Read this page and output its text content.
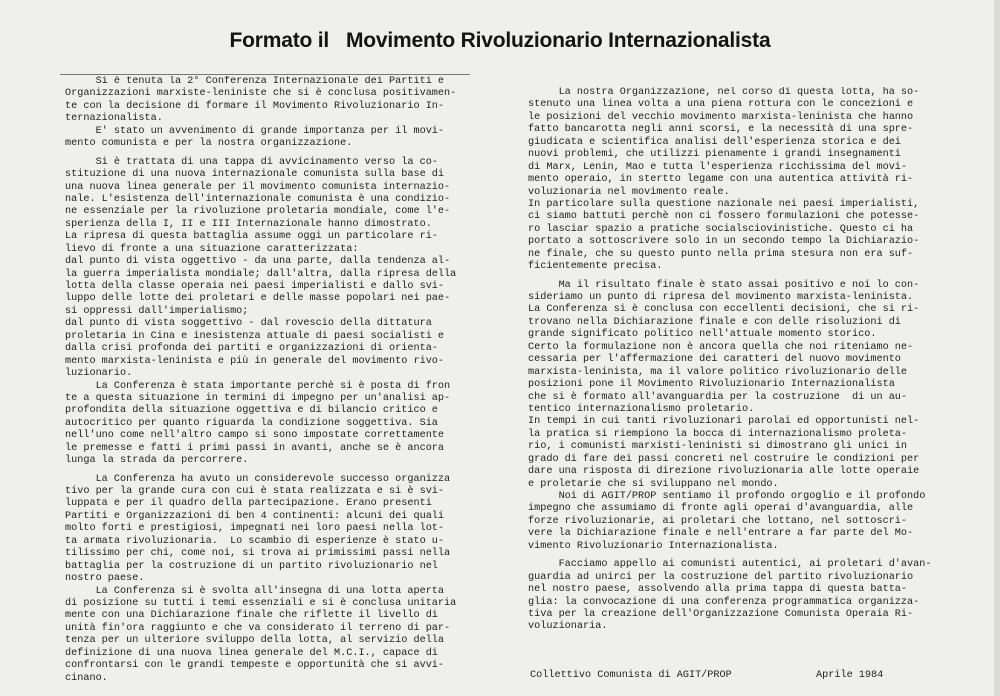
Formato il   Movimento Rivoluzionario Internazionalista
Si è tenuta la 2° Conferenza Internazionale dei Partiti e
Organizzazioni marxiste-leniniste che si è conclusa positivamen-
te con la decisione di formare il Movimento Rivoluzionario In-
ternazionalista.
E' stato un avvenimento di grande importanza per il movi-
mento comunista e per la nostra organizzazione.
Si è trattata di una tappa di avvicinamento verso la co-
stituzione di una nuova internazionale comunista sulla base di
una nuova linea generale per il movimento comunista internazio-
nale. L'esistenza dell'internazionale comunista è una condizio-
ne essenziale per la rivoluzione proletaria mondiale, come l'e-
sperienza della I, II e III Internazionale hanno dimostrato.
La ripresa di questa battaglia assume oggi un particolare ri-
lievo di fronte a una situazione caratterizzata:
dal punto di vista oggettivo - da una parte, dalla tendenza al-
la guerra imperialista mondiale; dall'altra, dalla ripresa della
lotta della classe operaia nei paesi imperialisti e dallo svi-
luppo delle lotte dei proletari e delle masse popolari nei pae-
si oppressi dall'imperialismo;
dal punto di vista soggettivo - dal rovescio della dittatura
proletaria in Cina e inesistenza attuale di paesi socialisti e
dalla crisi profonda dei partiti e organizzazioni di orienta-
mento marxista-leninista e più in generale del movimento rivo-
luzionario.
La Conferenza è stata importante perchè si è posta di fron
te a questa situazione in termini di impegno per un'analisi ap-
profondita della situazione oggettiva e di bilancio critico e
autocritico per quanto riguarda la condizione soggettiva. Sia
nell'uno come nell'altro campo si sono impostate correttamente
le premesse e fatti i primi passi in avanti, anche se è ancora
lunga la strada da percorrere.
La Conferenza ha avuto un considerevole successo organizza
tivo per la grande cura con cui è stata realizzata e si è svi-
luppata e per il quadro della partecipazione. Erano presenti
Partiti e Organizzazioni di ben 4 continenti: alcuni dei quali
molto forti e prestigiosi, impegnati nei loro paesi nella lot-
ta armata rivoluzionaria.  Lo scambio di esperienze è stato u-
tilissimo per chi, come noi, si trova ai primissimi passi nella
battaglia per la costruzione di un partito rivoluzionario nel
nostro paese.
La Conferenza si è svolta all'insegna di una lotta aperta
di posizione su tutti i temi essenziali e si è conclusa unitaria
mente con una Dichiarazione finale che riflette il livello di
unità fin'ora raggiunto e che va considerato il terreno di par-
tenza per un ulteriore sviluppo della lotta, al servizio della
definizione di una nuova linea generale del M.C.I., capace di
confrontarsi con le grandi tempeste e opportunità che si avvi-
cinano.
La nostra Organizzazione, nel corso di questa lotta, ha so-
stenuto una linea volta a una piena rottura con le concezioni e
le posizioni del vecchio movimento marxista-leninista che hanno
fatto bancarotta negli anni scorsi, e la necessità di una spre-
giudicata e scientifica analisi dell'esperienza storica e dei
nuovi problemi, che utilizzi pienamente i grandi insegnamenti
di Marx, Lenin, Mao e tutta l'esperienza ricchissima del movi-
mento operaio, in stertto legame con una autentica attività ri-
voluzionaria nel movimento reale.
In particolare sulla questione nazionale nei paesi imperialisti,
ci siamo battuti perchè non ci fossero formulazioni che potesse-
ro lasciar spazio a pratiche socialsciovinistiche. Questo ci ha
portato a sottoscrivere solo in un secondo tempo la Dichiarazio-
ne finale, che su questo punto nella prima stesura non era suf-
ficientemente precisa.
Ma il risultato finale è stato assai positivo e noi lo con-
sideriamo un punto di ripresa del movimento marxista-leninista.
La Conferenza si è conclusa con eccellenti decisioni, che si ri-
trovano nella Dichiarazione finale e con delle risoluzioni di
grande significato politico nell'attuale momento storico.
Certo la formulazione non è ancora quella che noi riteniamo ne-
cessaria per l'affermazione dei caratteri del nuovo movimento
marxista-leninista, ma il valore politico rivoluzionario delle
posizioni pone il Movimento Rivoluzionario Internazionalista
che si è formato all'avanguardia per la costruzione  di un au-
tentico internazionalismo proletario.
In tempi in cui tanti rivoluzionari parolai ed opportunisti nel-
la pratica si riempiono la bocca di internazionalismo proleta-
rio, i comunisti marxisti-leninisti si dimostrano gli unici in
grado di fare dei passi concreti nel costruire le condizioni per
dare una risposta di direzione rivoluzionaria alle lotte operaie
e proletarie che si sviluppano nel mondo.
Noi di AGIT/PROP sentiamo il profondo orgoglio e il profondo
impegno che assumiamo di fronte agli operai d'avanguardia, alle
forze rivoluzionarie, ai proletari che lottano, nel sottoscri-
vere la Dichiarazione finale e nell'entrare a far parte del Mo-
vimento Rivoluzionario Internazionalista.
Facciamo appello ai comunisti autentici, ai proletari d'avan-
guardia ad unirci per la costruzione del partito rivoluzionario
nel nostro paese, assolvendo alla prima tappa di questa batta-
glia: la convocazione di una conferenza programmatica organizza-
tiva per la creazione dell'Organizzazione Comunista Operaia Ri-
voluzionaria.
Collettivo Comunista di AGIT/PROP	Aprile 1984
